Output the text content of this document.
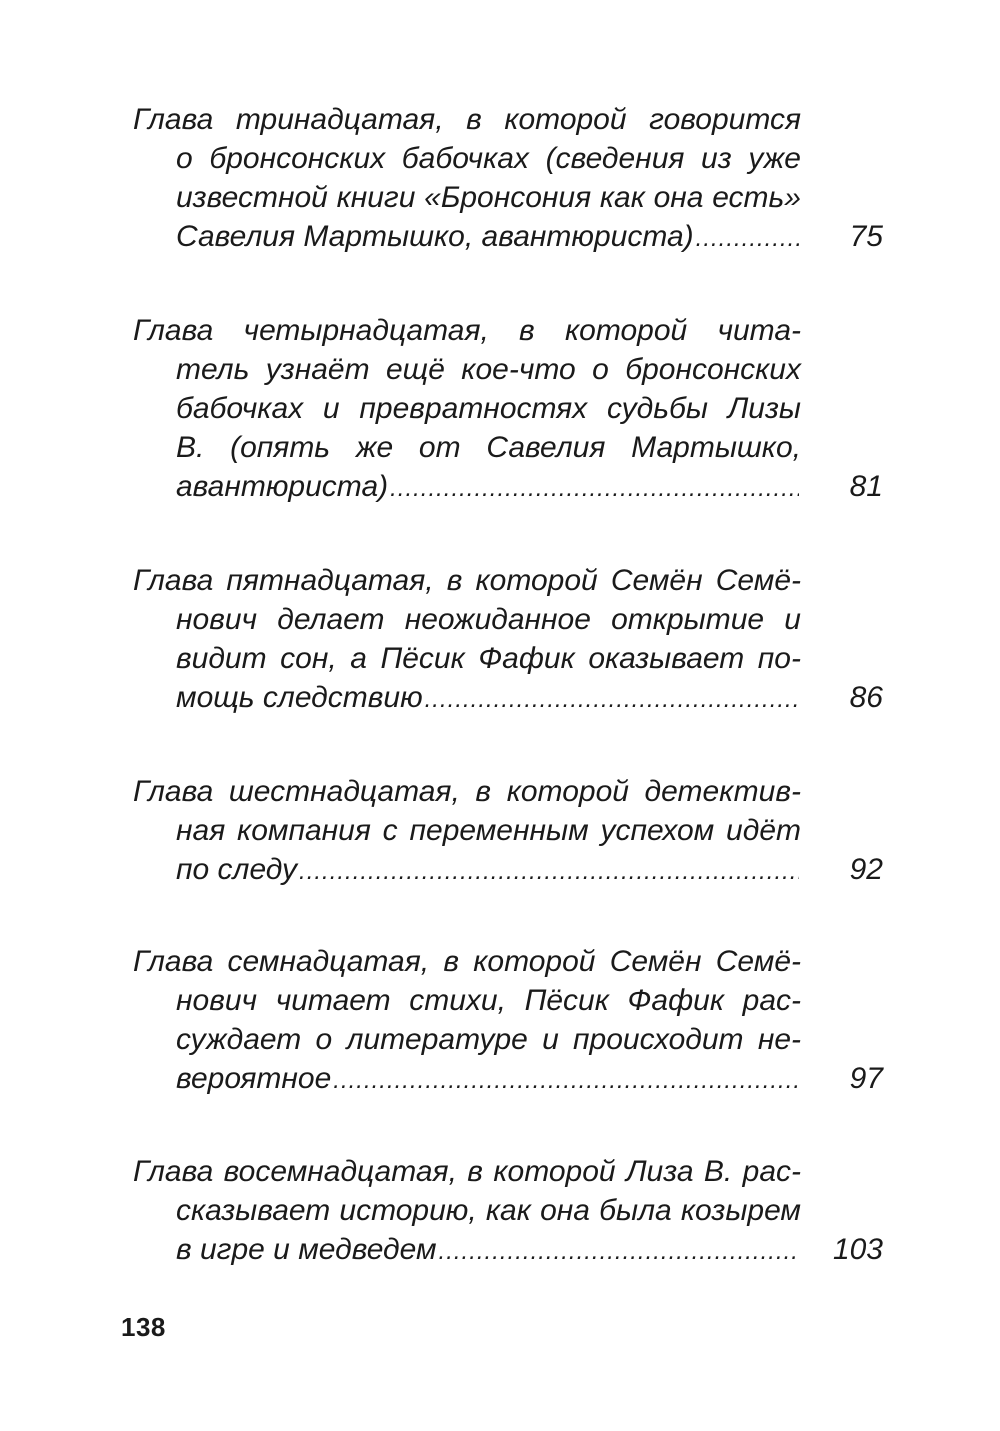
Глава тринадцатая, в которой говорится
о бронсонских бабочках (сведения из уже
известной книги «Бронсония как она есть»
Савелия Мартышко, авантюриста) .....	75
Глава четырнадцатая, в которой чита-
тель узнаёт ещё кое-что о бронсонских
бабочках и превратностях судьбы Лизы
В. (опять же от Савелия Мартышко,
авантюриста) .....	81
Глава пятнадцатая, в которой Семён Семё-
нович делает неожиданное открытие и
видит сон, а Пёсик Фафик оказывает по-
мощь следствию .....	86
Глава шестнадцатая, в которой детектив-
ная компания с переменным успехом идёт
по следу .....	92
Глава семнадцатая, в которой Семён Семё-
нович читает стихи, Пёсик Фафик рас-
суждает о литературе и происходит не-
вероятное .....	97
Глава восемнадцатая, в которой Лиза В. рас-
сказывает историю, как она была козырем
в игре и медведем .....	103
138
